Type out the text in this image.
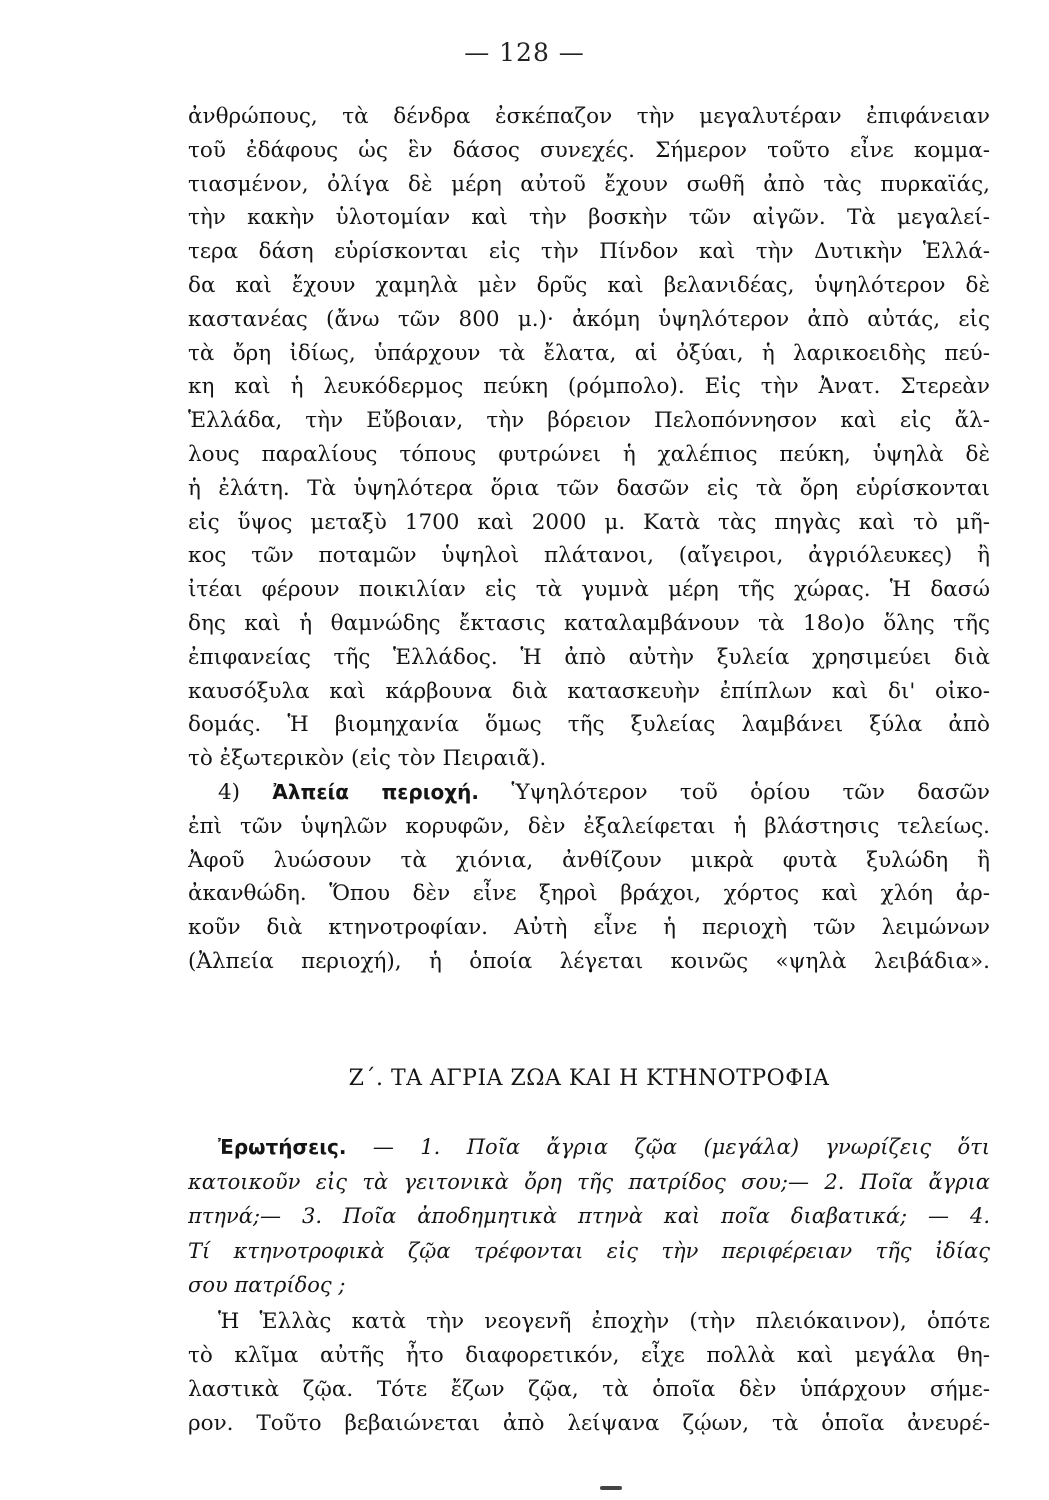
— 128 —
ἀνθρώπους, τὰ δένδρα ἐσκέπαζον τὴν μεγαλυτέραν ἐπιφάνειαν
τοῦ ἐδάφους ὡς ἓν δάσος συνεχές. Σήμερον τοῦτο εἶνε κομμα-
τιασμένον, ὀλίγα δὲ μέρη αὐτοῦ ἔχουν σωθῆ ἀπὸ τὰς πυρκαϊάς,
τὴν κακὴν ὑλοτομίαν καὶ τὴν βοσκὴν τῶν αἰγῶν. Τὰ μεγαλεί-
τερα δάση εὑρίσκονται εἰς τὴν Πίνδον καὶ τὴν Δυτικὴν Ἑλλά-
δα καὶ ἔχουν χαμηλὰ μὲν δρῦς καὶ βελανιδέας, ὑψηλότερον δὲ
καστανέας (ἄνω τῶν 800 μ.)· ἀκόμη ὑψηλότερον ἀπὸ αὐτάς, εἰς
τὰ ὄρη ἰδίως, ὑπάρχουν τὰ ἔλατα, αἱ ὀξύαι, ἡ λαρικοειδὴς πεύ-
κη καὶ ἡ λευκόδερμος πεύκη (ρόμπολο). Εἰς τὴν Ἀνατ. Στερεὰν
Ἑλλάδα, τὴν Εὔβοιαν, τὴν βόρειον Πελοπόννησον καὶ εἰς ἄλ-
λους παραλίους τόπους φυτρώνει ἡ χαλέπιος πεύκη, ὑψηλὰ δὲ
ἡ ἐλάτη. Τὰ ὑψηλότερα ὅρια τῶν δασῶν εἰς τὰ ὄρη εὑρίσκονται
εἰς ὕψος μεταξὺ 1700 καὶ 2000 μ. Κατὰ τὰς πηγὰς καὶ τὸ μῆ-
κος τῶν ποταμῶν ὑψηλοὶ πλάτανοι, (αἴγειροι, ἀγριόλευκες) ἢ
ἰτέαι φέρουν ποικιλίαν εἰς τὰ γυμνὰ μέρη τῆς χώρας. Ἡ δασώ
δης καὶ ἡ θαμνώδης ἔκτασις καταλαμβάνουν τὰ 18ο)ο ὅλης τῆς
ἐπιφανείας τῆς Ἑλλάδος. Ἡ ἀπὸ αὐτὴν ξυλεία χρησιμεύει διὰ
καυσόξυλα καὶ κάρβουνα διὰ κατασκευὴν ἐπίπλων καὶ δι' οἰκο-
δομάς. Ἡ βιομηχανία ὅμως τῆς ξυλείας λαμβάνει ξύλα ἀπὸ
τὸ ἐξωτερικὸν (εἰς τὸν Πειραιᾶ).
4) Ἀλπεία περιοχή. Ὑψηλότερον τοῦ ὁρίου τῶν δασῶν
ἐπὶ τῶν ὑψηλῶν κορυφῶν, δὲν ἐξαλείφεται ἡ βλάστησις τελείως.
Ἀφοῦ λυώσουν τὰ χιόνια, ἀνθίζουν μικρὰ φυτὰ ξυλώδη ἢ
ἀκανθώδη. Ὅπου δὲν εἶνε ξηροὶ βράχοι, χόρτος καὶ χλόη ἀρ-
κοῦν διὰ κτηνοτροφίαν. Αὐτὴ εἶνε ἡ περιοχὴ τῶν λειμώνων
(Ἀλπεία περιοχή), ἡ ὁποία λέγεται κοινῶς «ψηλὰ λειβάδια».
Ζ΄. ΤΑ ΑΓΡΙΑ ΖΩΑ ΚΑΙ Η ΚΤΗΝΟΤΡΟΦΙΑ
Ἐρωτήσεις. — 1. Ποῖα ἄγρια ζῷα (μεγάλα) γνωρίζεις ὅτι
κατοικοῦν εἰς τὰ γειτονικὰ ὄρη τῆς πατρίδος σου;— 2. Ποῖα ἄγρια
πτηνά;— 3. Ποῖα ἀποδημητικὰ πτηνὰ καὶ ποῖα διαβατικά; — 4.
Τί κτηνοτροφικὰ ζῷα τρέφονται εἰς τὴν περιφέρειαν τῆς ἰδίας
σου πατρίδος ;
Ἡ Ἑλλὰς κατὰ τὴν νεογενῆ ἐποχὴν (τὴν πλειόκαινον), ὁπότε
τὸ κλῖμα αὐτῆς ἦτο διαφορετικόν, εἶχε πολλὰ καὶ μεγάλα θη-
λαστικὰ ζῷα. Τότε ἔζων ζῷα, τὰ ὁποῖα δὲν ὑπάρχουν σήμε-
ρον. Τοῦτο βεβαιώνεται ἀπὸ λείψανα ζῴων, τὰ ὁποῖα ἀνευρέ-
